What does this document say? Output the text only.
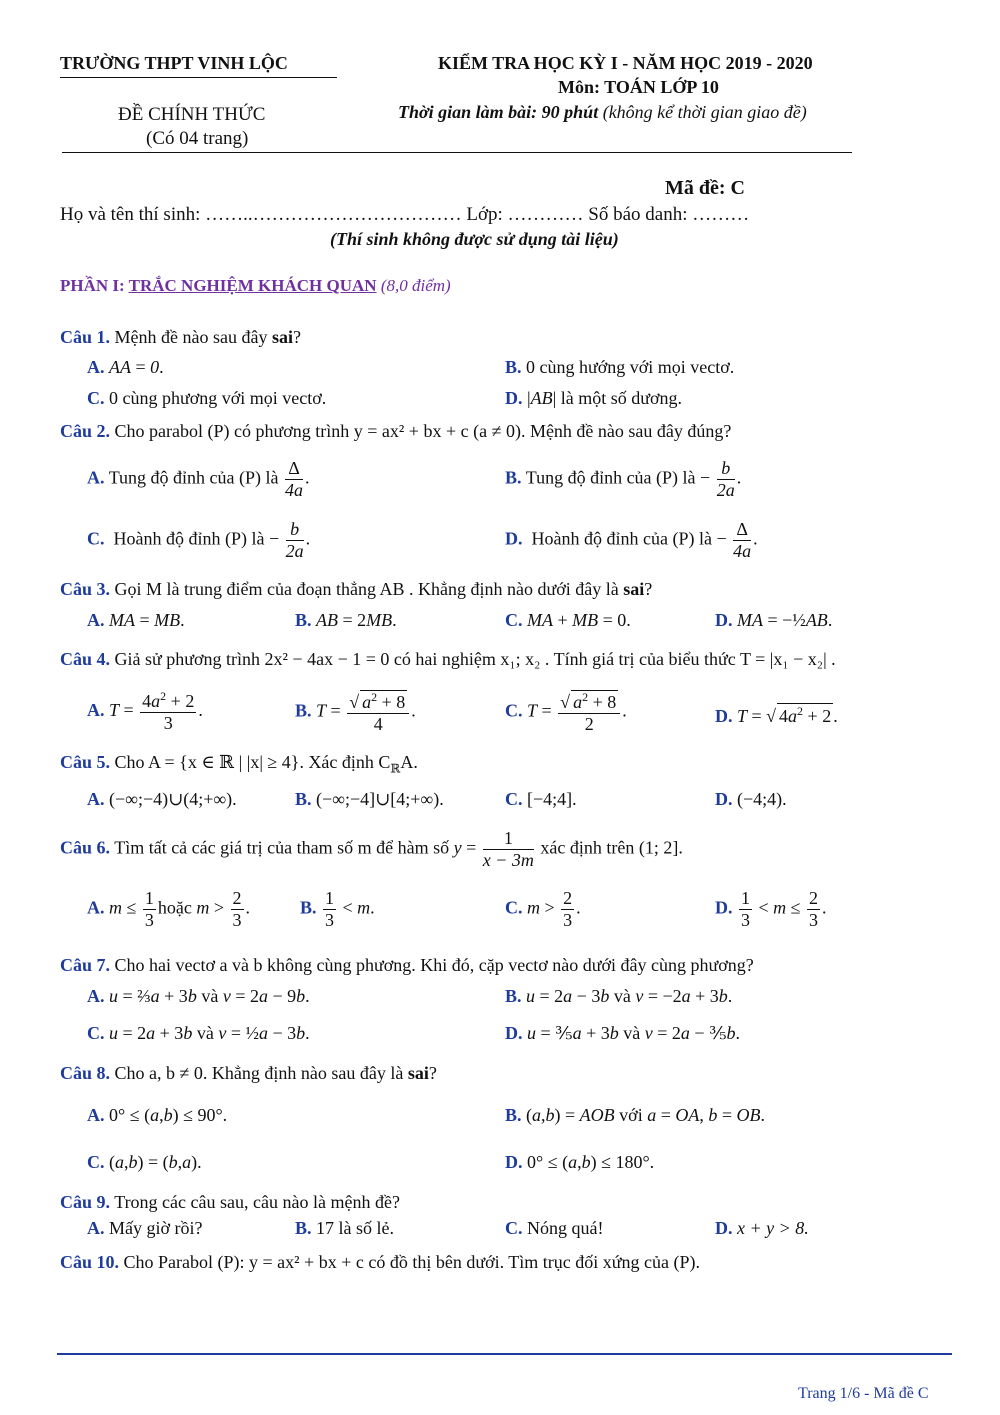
TRƯỜNG THPT VINH LỘC	KIỂM TRA HỌC KỲ I - NĂM HỌC 2019 - 2020
Môn: TOÁN LỚP 10
ĐỀ CHÍNH THỨC	Thời gian làm bài: 90 phút (không kể thời gian giao đề)
(Có 04 trang)
Mã đề: C
Họ và tên thí sinh: ……..…………………………… Lớp: ………… Số báo danh: ………
(Thí sinh không được sử dụng tài liệu)
PHẦN I: TRẮC NGHIỆM KHÁCH QUAN (8,0 điểm)
Câu 1. Mệnh đề nào sau đây sai?
A. AA = 0.	B. 0 cùng hướng với mọi vectơ.
C. 0 cùng phương với mọi vectơ.	D. |AB| là một số dương.
Câu 2. Cho parabol (P) có phương trình y = ax² + bx + c (a ≠ 0). Mệnh đề nào sau đây đúng?
A. Tung độ đỉnh của (P) là $\frac{\Delta}{4a}$ .	B. Tung độ đỉnh của (P) là − $\frac{b}{2a}$ .
C. Hoành độ đỉnh (P) là − $\frac{b}{2a}$ .	D. Hoành độ đỉnh của (P) là − $\frac{\Delta}{4a}$ .
Câu 3. Gọi M là trung điểm của đoạn thẳng AB . Khẳng định nào dưới đây là sai?
A. MA = MB.	B. AB = 2MB.	C. MA + MB = 0.	D. MA = −½AB.
Câu 4. Giả sử phương trình 2x² − 4ax − 1 = 0 có hai nghiệm x₁; x₂ . Tính giá trị của biểu thức T = |x₁ − x₂| .
A. $T = \frac{4a^2 + 2}{3}$ .	B. $T = \frac{√ a^2 + 8}{4}$ .	C. $T = \frac{√ a^2 + 8}{2}$ .	D. T = √ $4a^2 + 2$ .
Câu 5. Cho A = {x ∈ ℝ | |x| ≥ 4}. Xác định $C_ℝA$.
A. (−∞;−4)∪(4;+∞).	B. (−∞;−4]∪[4;+∞).	C. [−4;4].	D. (−4;4).
Câu 6. Tìm tất cả các giá trị của tham số m để hàm số $y = \frac{1}{x - 3m}$ xác định trên (1; 2].
A. $m \le \frac{1}{3}$ hoặc $m > \frac{2}{3}$ .	B. $\frac{1}{3} < m$.	C. $m > \frac{2}{3}$ .	D. $\frac{1}{3} < m \le \frac{2}{3}$ .
Câu 7. Cho hai vectơ a và b không cùng phương. Khi đó, cặp vectơ nào dưới đây cùng phương?
A. u = ⅔a + 3b và v = 2a − 9b.	B. u = 2a − 3b và v = −2a + 3b.
C. u = 2a + 3b và v = ½a − 3b.	D. u = ⅗a + 3b và v = 2a − ⅗b.
Câu 8. Cho a, b ≠ 0. Khẳng định nào sau đây là sai?
A. 0° ≤ (a,b) ≤ 90°.	B. (a,b) = AOB với a = OA, b = OB.
C. (a,b) = (b,a).	D. 0° ≤ (a,b) ≤ 180°.
Câu 9. Trong các câu sau, câu nào là mệnh đề?
A. Mấy giờ rồi?	B. 17 là số lẻ.	C. Nóng quá!	D. x + y > 8.
Câu 10. Cho Parabol (P): y = ax² + bx + c có đồ thị bên dưới. Tìm trục đối xứng của (P).
Trang 1/6 - Mã đề C
